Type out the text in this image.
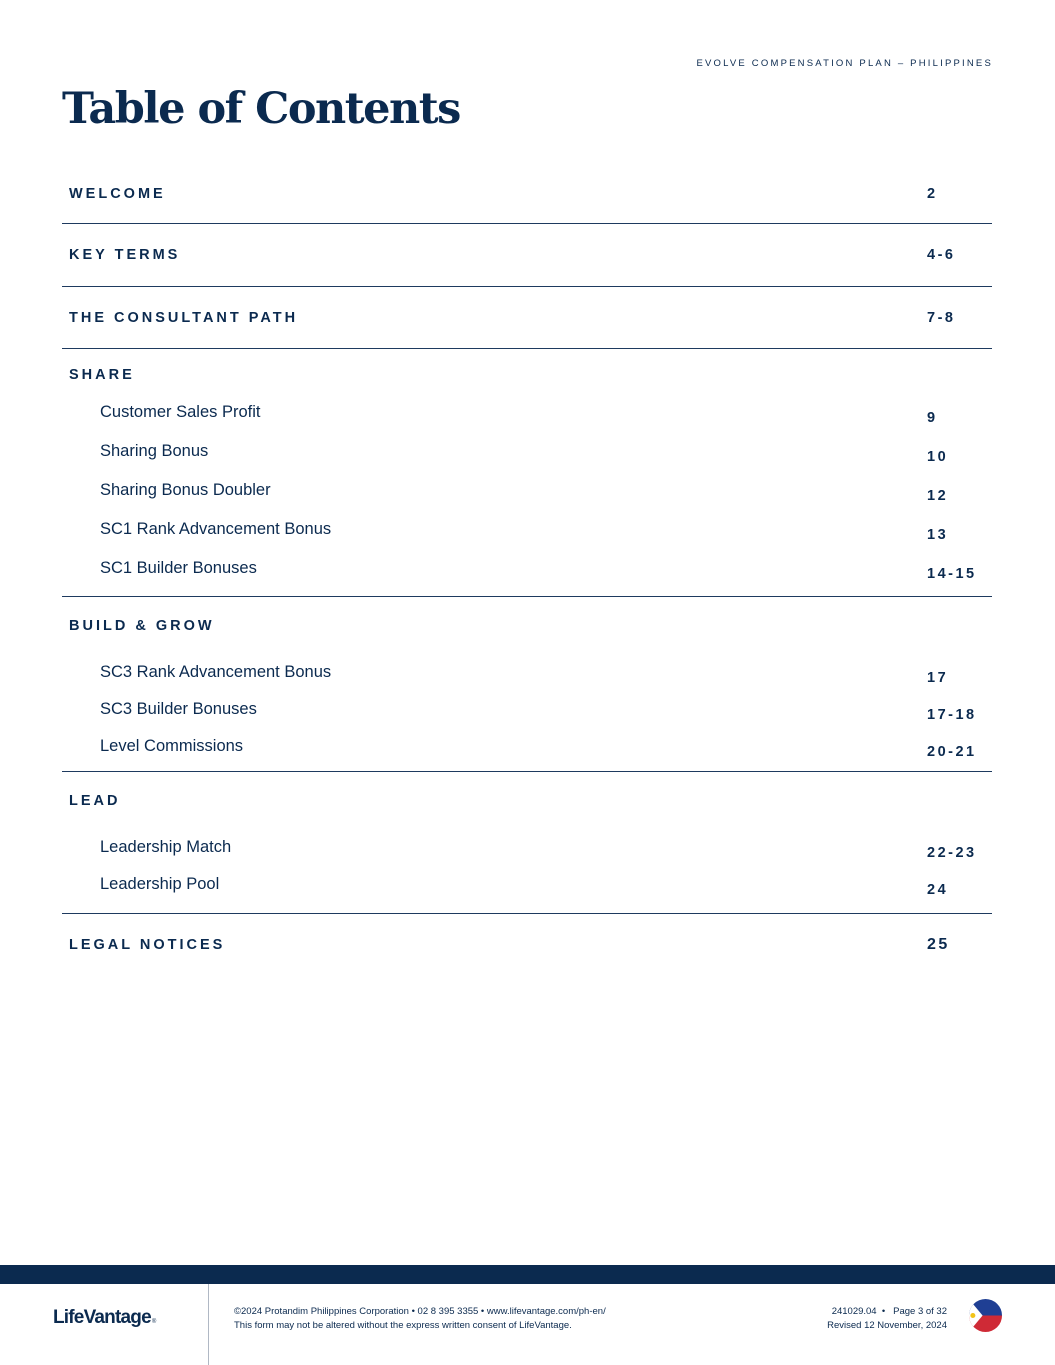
EVOLVE COMPENSATION PLAN – PHILIPPINES
Table of Contents
WELCOME	2
KEY TERMS	4-6
THE CONSULTANT PATH	7-8
SHARE
Customer Sales Profit	9
Sharing Bonus	10
Sharing Bonus Doubler	12
SC1 Rank Advancement Bonus	13
SC1 Builder Bonuses	14-15
BUILD & GROW
SC3 Rank Advancement Bonus	17
SC3 Builder Bonuses	17-18
Level Commissions	20-21
LEAD
Leadership Match	22-23
Leadership Pool	24
LEGAL NOTICES	25
LifeVantage®
©2024 Protandim Philippines Corporation • 02 8 395 3355 • www.lifevantage.com/ph-en/
This form may not be altered without the express written consent of LifeVantage.
241029.04  •   Page 3 of 32
Revised 12 November, 2024
